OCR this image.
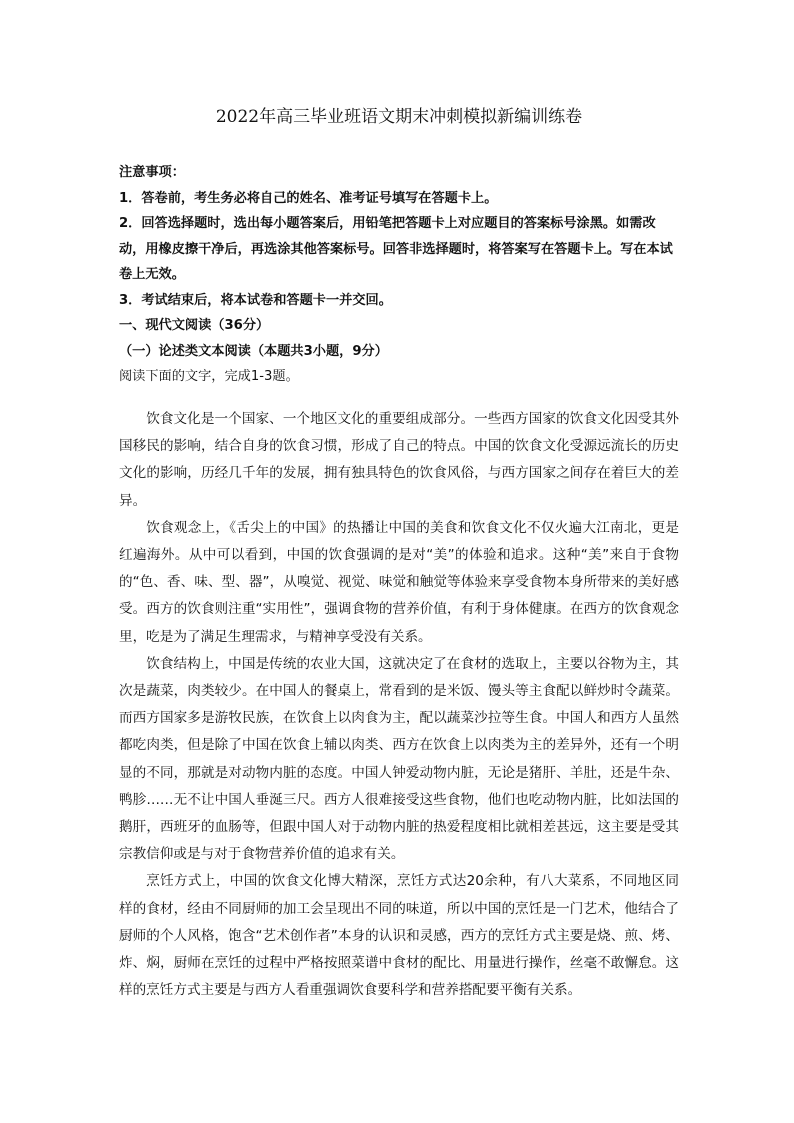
2022年高三毕业班语文期末冲刺模拟新编训练卷

注意事项：

1．答卷前，考生务必将自己的姓名、准考证号填写在答题卡上。

2．回答选择题时，选出每小题答案后，用铅笔把答题卡上对应题目的答案标号涂黑。如需改动，用橡皮擦干净后，再选涂其他答案标号。回答非选择题时，将答案写在答题卡上。写在本试卷上无效。

3．考试结束后，将本试卷和答题卡一并交回。

一、现代文阅读（36分）

（一）论述类文本阅读（本题共3小题，9分）

阅读下面的文字，完成1-3题。

饮食文化是一个国家、一个地区文化的重要组成部分。一些西方国家的饮食文化因受其外国移民的影响，结合自身的饮食习惯，形成了自己的特点。中国的饮食文化受源远流长的历史文化的影响，历经几千年的发展，拥有独具特色的饮食风俗，与西方国家之间存在着巨大的差异。

饮食观念上，《舌尖上的中国》的热播让中国的美食和饮食文化不仅火遍大江南北，更是红遍海外。从中可以看到，中国的饮食强调的是对“美”的体验和追求。这种“美”来自于食物的“色、香、味、型、器”，从嗅觉、视觉、味觉和触觉等体验来享受食物本身所带来的美好感受。西方的饮食则注重“实用性”，强调食物的营养价值，有利于身体健康。在西方的饮食观念里，吃是为了满足生理需求，与精神享受没有关系。

饮食结构上，中国是传统的农业大国，这就决定了在食材的选取上，主要以谷物为主，其次是蔬菜，肉类较少。在中国人的餐桌上，常看到的是米饭、馒头等主食配以鲜炒时令蔬菜。而西方国家多是游牧民族，在饮食上以肉食为主，配以蔬菜沙拉等生食。中国人和西方人虽然都吃肉类，但是除了中国在饮食上辅以肉类、西方在饮食上以肉类为主的差异外，还有一个明显的不同，那就是对动物内脏的态度。中国人钟爱动物内脏，无论是猪肝、羊肚，还是牛杂、鸭胗……无不让中国人垂涎三尺。西方人很难接受这些食物，他们也吃动物内脏，比如法国的鹅肝，西班牙的血肠等，但跟中国人对于动物内脏的热爱程度相比就相差甚远，这主要是受其宗教信仰或是与对于食物营养价值的追求有关。

烹饪方式上，中国的饮食文化博大精深，烹饪方式达20余种，有八大菜系，不同地区同样的食材，经由不同厨师的加工会呈现出不同的味道，所以中国的烹饪是一门艺术，他结合了厨师的个人风格，饱含“艺术创作者”本身的认识和灵感，西方的烹饪方式主要是烧、煎、烤、炸、焖，厨师在烹饪的过程中严格按照菜谱中食材的配比、用量进行操作，丝毫不敢懈怠。这样的烹饪方式主要是与西方人看重强调饮食要科学和营养搭配要平衡有关系。
